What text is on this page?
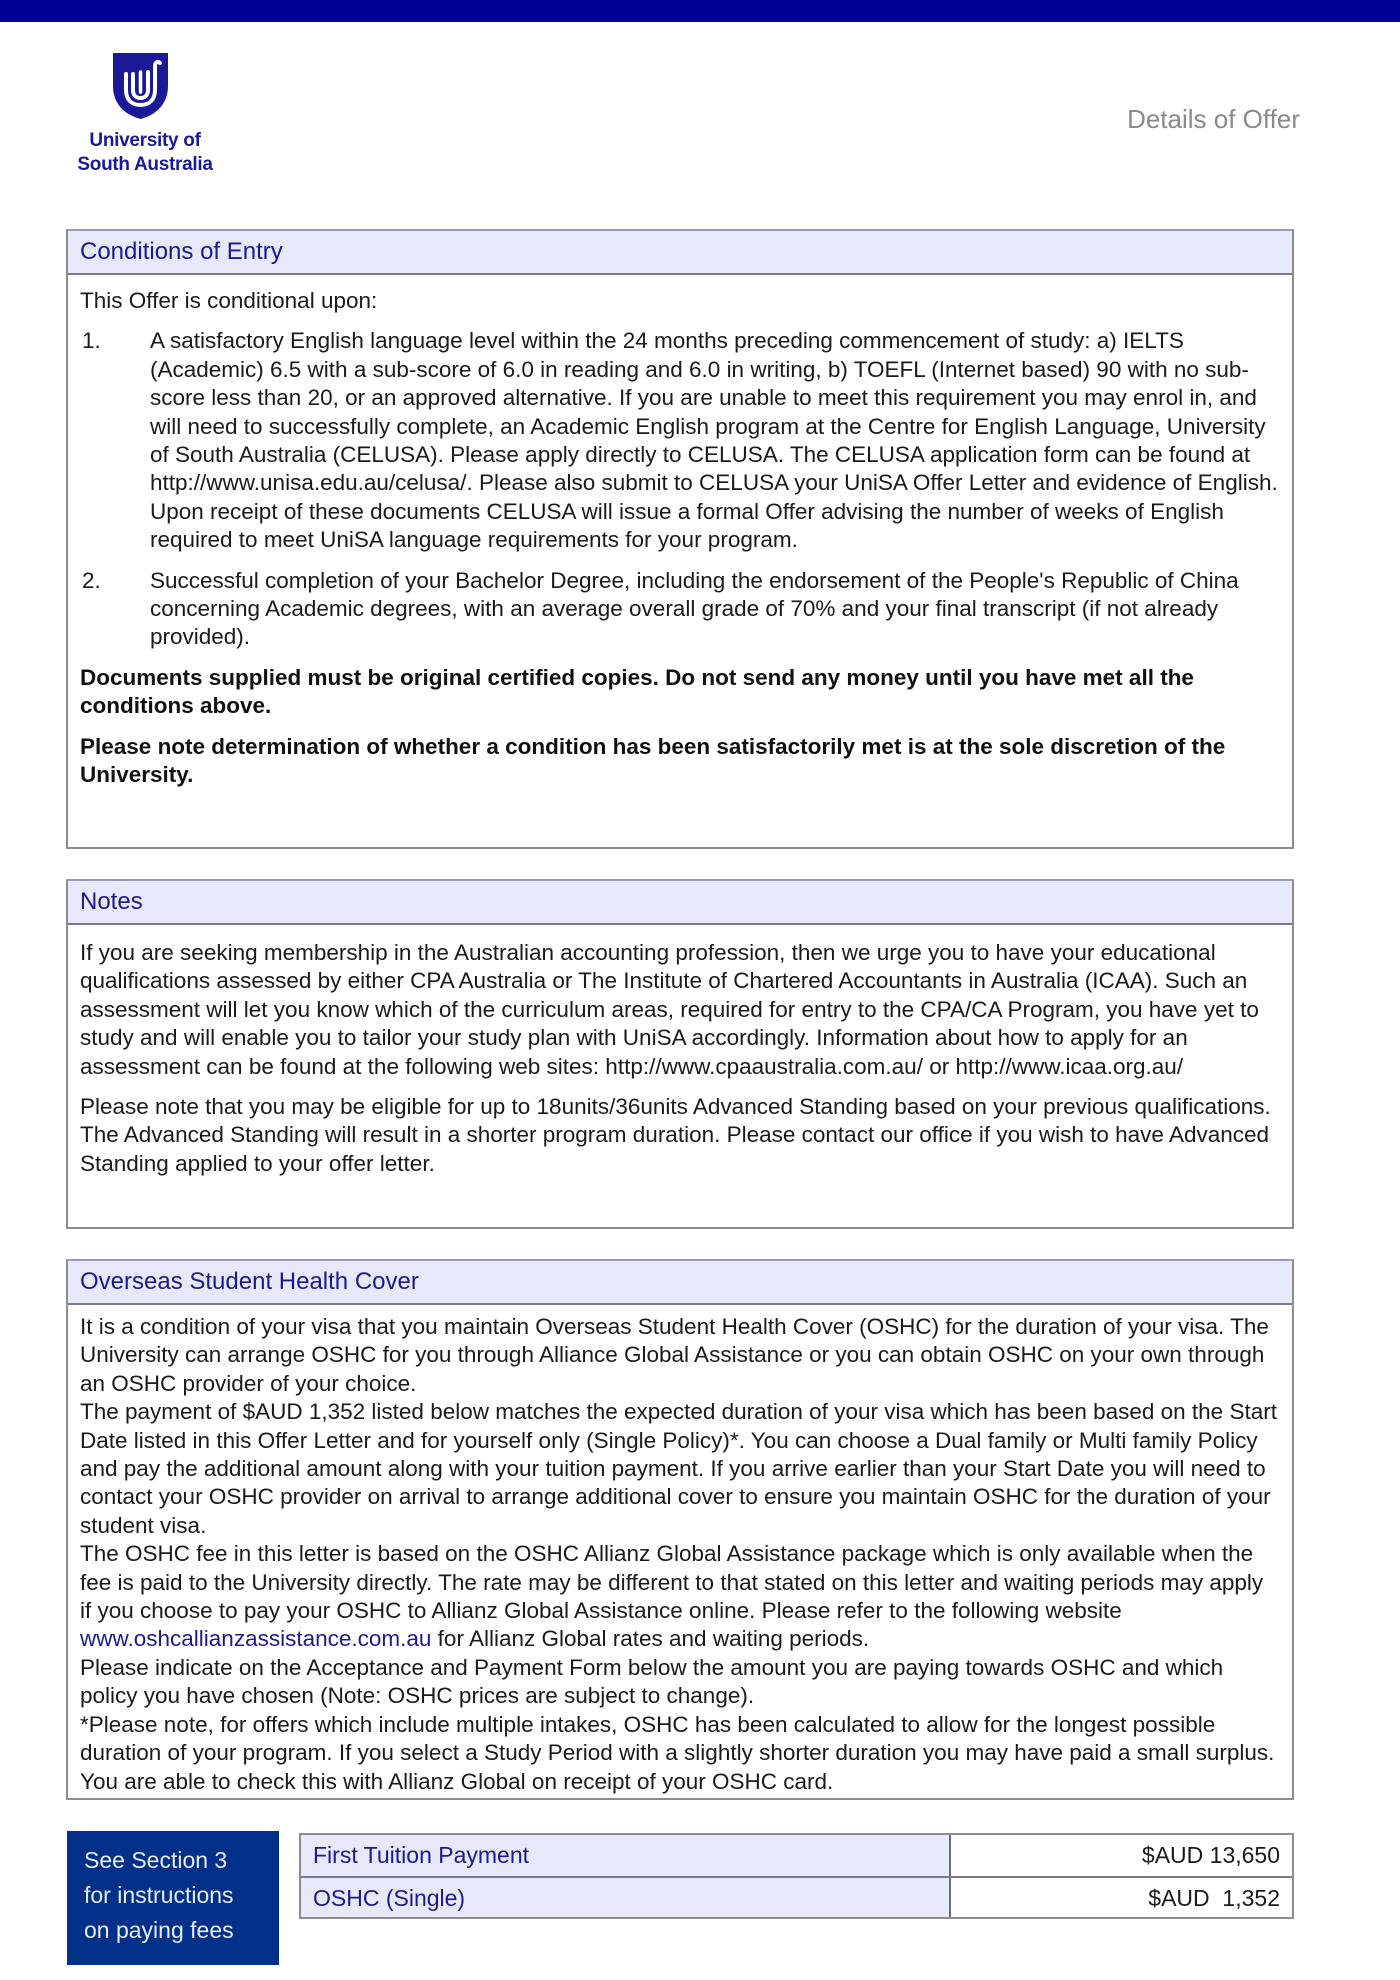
University of
South Australia
Details of Offer
Conditions of Entry
This Offer is conditional upon:
1.	A satisfactory English language level within the 24 months preceding commencement of study: a) IELTS (Academic) 6.5 with a sub-score of 6.0 in reading and 6.0 in writing, b) TOEFL (Internet based) 90 with no sub-score less than 20, or an approved alternative. If you are unable to meet this requirement you may enrol in, and will need to successfully complete, an Academic English program at the Centre for English Language, University of South Australia (CELUSA). Please apply directly to CELUSA. The CELUSA application form can be found at http://www.unisa.edu.au/celusa/. Please also submit to CELUSA your UniSA Offer Letter and evidence of English. Upon receipt of these documents CELUSA will issue a formal Offer advising the number of weeks of English required to meet UniSA language requirements for your program.
2.	Successful completion of your Bachelor Degree, including the endorsement of the People's Republic of China concerning Academic degrees, with an average overall grade of 70% and your final transcript (if not already provided).
Documents supplied must be original certified copies. Do not send any money until you have met all the conditions above.
Please note determination of whether a condition has been satisfactorily met is at the sole discretion of the University.
Notes
If you are seeking membership in the Australian accounting profession, then we urge you to have your educational qualifications assessed by either CPA Australia or The Institute of Chartered Accountants in Australia (ICAA). Such an assessment will let you know which of the curriculum areas, required for entry to the CPA/CA Program, you have yet to study and will enable you to tailor your study plan with UniSA accordingly. Information about how to apply for an assessment can be found at the following web sites: http://www.cpaaustralia.com.au/ or http://www.icaa.org.au/
Please note that you may be eligible for up to 18units/36units Advanced Standing based on your previous qualifications. The Advanced Standing will result in a shorter program duration. Please contact our office if you wish to have Advanced Standing applied to your offer letter.
Overseas Student Health Cover
It is a condition of your visa that you maintain Overseas Student Health Cover (OSHC) for the duration of your visa. The University can arrange OSHC for you through Alliance Global Assistance or you can obtain OSHC on your own through an OSHC provider of your choice.
The payment of $AUD 1,352 listed below matches the expected duration of your visa which has been based on the Start Date listed in this Offer Letter and for yourself only (Single Policy)*. You can choose a Dual family or Multi family Policy and pay the additional amount along with your tuition payment. If you arrive earlier than your Start Date you will need to contact your OSHC provider on arrival to arrange additional cover to ensure you maintain OSHC for the duration of your student visa.
The OSHC fee in this letter is based on the OSHC Allianz Global Assistance package which is only available when the fee is paid to the University directly. The rate may be different to that stated on this letter and waiting periods may apply if you choose to pay your OSHC to Allianz Global Assistance online. Please refer to the following website www.oshcallianzassistance.com.au for Allianz Global rates and waiting periods.
Please indicate on the Acceptance and Payment Form below the amount you are paying towards OSHC and which policy you have chosen (Note: OSHC prices are subject to change).
*Please note, for offers which include multiple intakes, OSHC has been calculated to allow for the longest possible duration of your program. If you select a Study Period with a slightly shorter duration you may have paid a small surplus. You are able to check this with Allianz Global on receipt of your OSHC card.
See Section 3
for instructions
on paying fees
First Tuition Payment	$AUD 13,650
OSHC (Single)	$AUD  1,352
